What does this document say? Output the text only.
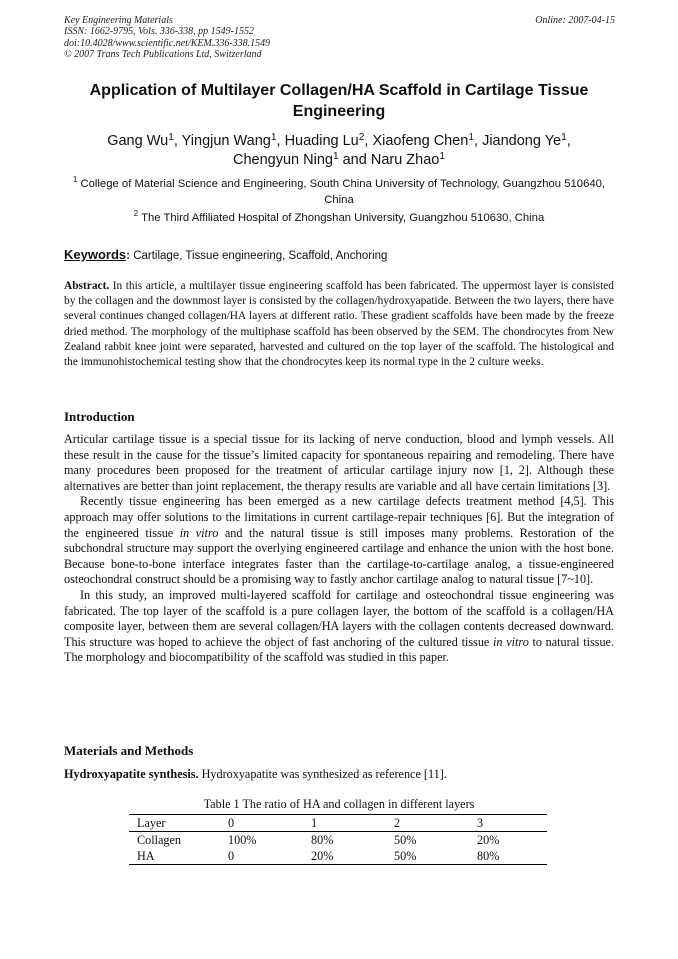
Key Engineering Materials
ISSN: 1662-9795, Vols. 336-338, pp 1549-1552
doi:10.4028/www.scientific.net/KEM.336-338.1549
© 2007 Trans Tech Publications Ltd, Switzerland
Online: 2007-04-15
Application of Multilayer Collagen/HA Scaffold in Cartilage Tissue Engineering
Gang Wu$^1$, Yingjun Wang$^1$, Huading Lu$^2$, Xiaofeng Chen$^1$, Jiandong Ye$^1$,
Chengyun Ning$^1$ and Naru Zhao$^1$
$^1$ College of Material Science and Engineering, South China University of Technology, Guangzhou 510640, China
$^2$ The Third Affiliated Hospital of Zhongshan University, Guangzhou 510630, China
Keywords: Cartilage, Tissue engineering, Scaffold, Anchoring

Abstract. In this article, a multilayer tissue engineering scaffold has been fabricated. The uppermost layer is consisted by the collagen and the downmost layer is consisted by the collagen/hydroxyapatide. Between the two layers, there have several continues changed collagen/HA layers at different ratio. These gradient scaffolds have been made by the freeze dried method. The morphology of the multiphase scaffold has been observed by the SEM. The chondrocytes from New Zealand rabbit knee joint were separated, harvested and cultured on the top layer of the scaffold. The histological and the immunohistochemical testing show that the chondrocytes keep its normal type in the 2 culture weeks.

Introduction

Articular cartilage tissue is a special tissue for its lacking of nerve conduction, blood and lymph vessels. All these result in the cause for the tissue’s limited capacity for spontaneous repairing and remodeling. There have many procedures been proposed for the treatment of articular cartilage injury now [1, 2]. Although these alternatives are better than joint replacement, the therapy results are variable and all have certain limitations [3].

Recently tissue engineering has been emerged as a new cartilage defects treatment method [4,5]. This approach may offer solutions to the limitations in current cartilage-repair techniques [6]. But the integration of the engineered tissue in vitro and the natural tissue is still imposes many problems. Restoration of the subchondral structure may support the overlying engineered cartilage and enhance the union with the host bone. Because bone-to-bone interface integrates faster than the cartilage-to-cartilage analog, a tissue-engineered osteochondral construct should be a promising way to fastly anchor cartilage analog to natural tissue [7~10].

In this study, an improved multi-layered scaffold for cartilage and osteochondral tissue engineering was fabricated. The top layer of the scaffold is a pure collagen layer, the bottom of the scaffold is a collagen/HA composite layer, between them are several collagen/HA layers with the collagen contents decreased downward. This structure was hoped to achieve the object of fast anchoring of the cultured tissue in vitro to natural tissue. The morphology and biocompatibility of the scaffold was studied in this paper.

Materials and Methods

Hydroxyapatite synthesis. Hydroxyapatite was synthesized as reference [11].

Table 1 The ratio of HA and collagen in different layers
Layer	0	1	2	3
Collagen	100%	80%	50%	20%
HA	0	20%	50%	80%
